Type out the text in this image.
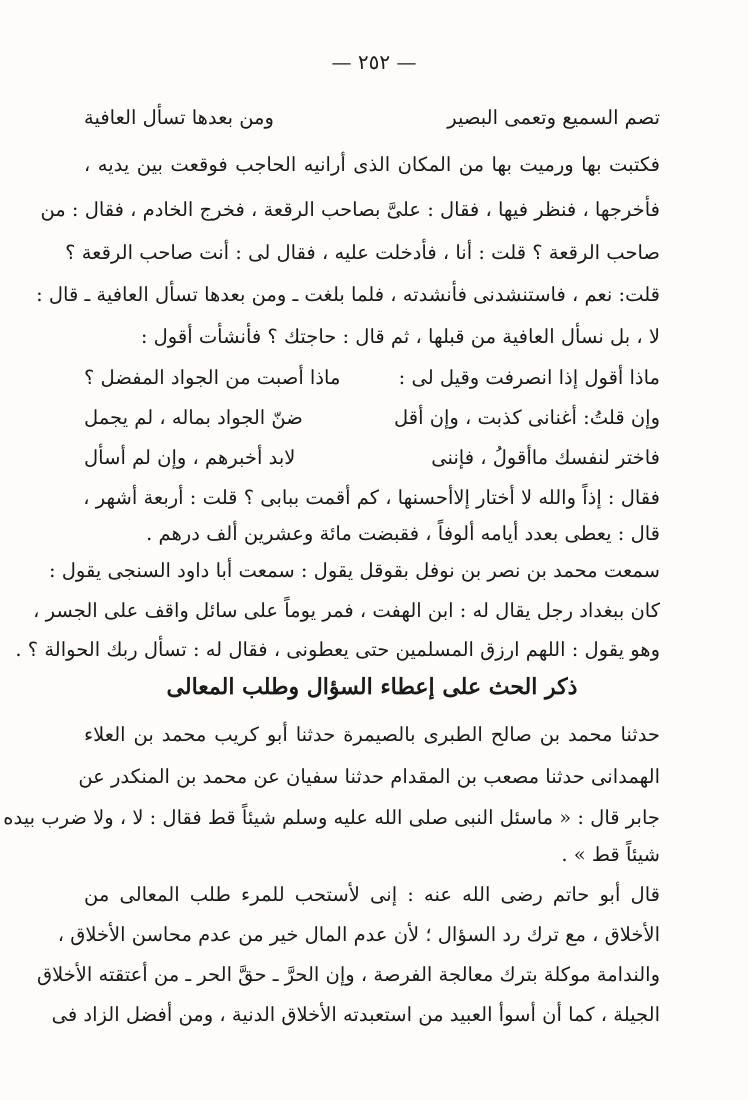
— ٢٥٢ —
تصم السميع وتعمى البصير
ومن بعدها تسأل العافية
فكتبت بها ورميت بها من المكان الذى أرانيه الحاجب فوقعت بين يديه ،
فأخرجها ، فنظر فيها ، فقال : علىَّ بصاحب الرقعة ، فخرج الخادم ، فقال : من
صاحب الرقعة ؟ قلت : أنا ، فأدخلت عليه ، فقال لى : أنت صاحب الرقعة ؟
قلت: نعم ، فاستنشدنى فأنشدته ، فلما بلغت ـ ومن بعدها تسأل العافية ـ قال :
لا ، بل نسأل العافية من قبلها ، ثم قال : حاجتك ؟ فأنشأت أقول :
ماذا أقول إذا انصرفت وقيل لى :
ماذا أصبت من الجواد المفضل ؟
وإن قلتُ: أغنانى كذبت ، وإن أقل
ضنّ الجواد بماله ، لم يجمل
فاختر لنفسك ماأقولُ ، فإننى
لابد أخبرهم ، وإن لم أسأل
فقال : إذاً والله لا أختار إلاأحسنها ، كم أقمت ببابى ؟ قلت : أربعة أشهر ،
قال : يعطى بعدد أيامه ألوفاً ، فقبضت مائة وعشرين ألف درهم .
سمعت محمد بن نصر بن نوفل بقوقل يقول : سمعت أبا داود السنجى يقول :
كان ببغداد رجل يقال له : ابن الهفت ، فمر يوماً على سائل واقف على الجسر ،
وهو يقول : اللهم ارزق المسلمين حتى يعطونى ، فقال له : تسأل ربك الحوالة ؟ .
ذكر الحث على إعطاء السؤال وطلب المعالى
حدثنا محمد بن صالح الطبرى بالصيمرة حدثنا أبو كريب محمد بن العلاء
الهمدانى حدثنا مصعب بن المقدام حدثنا سفيان عن محمد بن المنكدر عن
جابر قال : « ماسئل النبى صلى الله عليه وسلم شيئاً قط فقال : لا ، ولا ضرب بيده
شيئاً قط » .
قال أبو حاتم رضى الله عنه : إنى لأستحب للمرء طلب المعالى من
الأخلاق ، مع ترك رد السؤال ؛ لأن عدم المال خير من عدم محاسن الأخلاق ،
والندامة موكلة بترك معالجة الفرصة ، وإن الحرَّ ـ حقَّ الحر ـ من أعتقته الأخلاق
الجيلة ، كما أن أسوأ العبيد من استعبدته الأخلاق الدنية ، ومن أفضل الزاد فى
